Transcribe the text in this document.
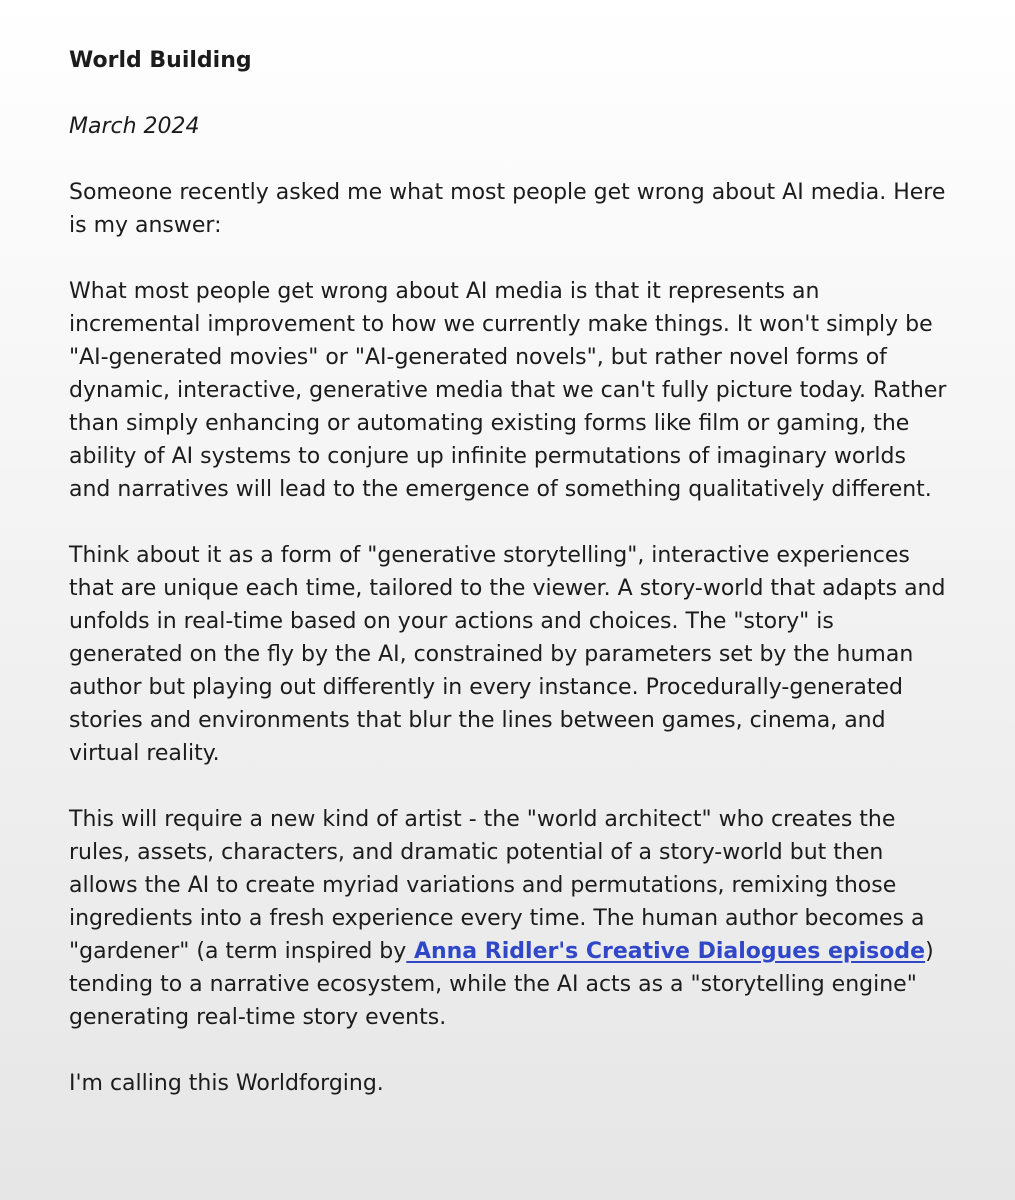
World Building
March 2024

Someone recently asked me what most people get wrong about AI media. Here is my answer:

What most people get wrong about AI media is that it represents an incremental improvement to how we currently make things. It won't simply be "AI-generated movies" or "AI-generated novels", but rather novel forms of dynamic, interactive, generative media that we can't fully picture today. Rather than simply enhancing or automating existing forms like film or gaming, the ability of AI systems to conjure up infinite permutations of imaginary worlds and narratives will lead to the emergence of something qualitatively different.

Think about it as a form of "generative storytelling", interactive experiences that are unique each time, tailored to the viewer. A story-world that adapts and unfolds in real-time based on your actions and choices. The "story" is generated on the fly by the AI, constrained by parameters set by the human author but playing out differently in every instance. Procedurally-generated stories and environments that blur the lines between games, cinema, and virtual reality.

This will require a new kind of artist - the "world architect" who creates the rules, assets, characters, and dramatic potential of a story-world but then allows the AI to create myriad variations and permutations, remixing those ingredients into a fresh experience every time. The human author becomes a "gardener" (a term inspired by Anna Ridler's Creative Dialogues episode) tending to a narrative ecosystem, while the AI acts as a "storytelling engine" generating real-time story events.

I'm calling this Worldforging.
